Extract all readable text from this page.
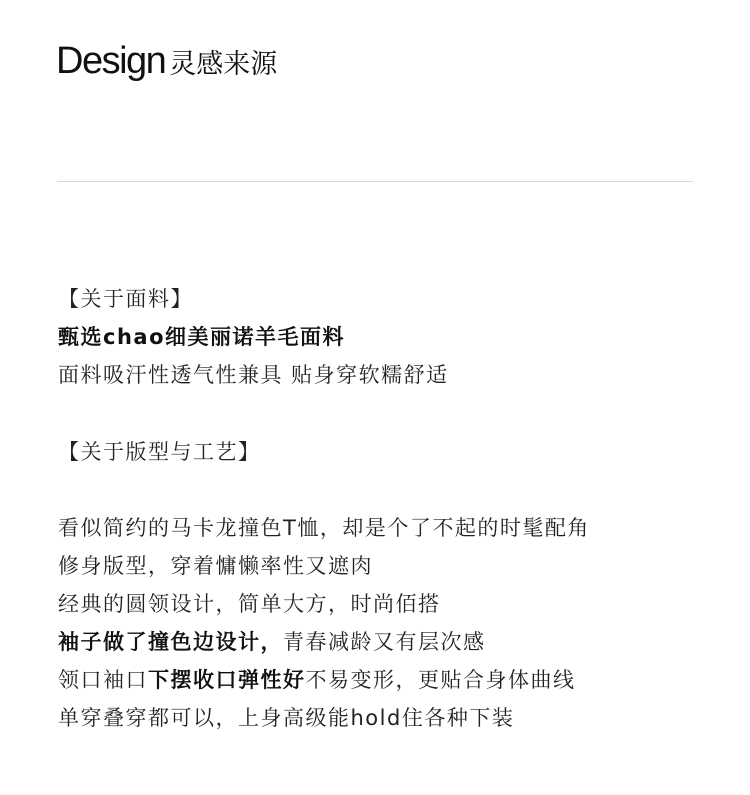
Design 灵感来源
【关于面料】
甄选chao细美丽诺羊毛面料
面料吸汗性透气性兼具 贴身穿软糯舒适
【关于版型与工艺】
看似简约的马卡龙撞色T恤，却是个了不起的时髦配角
修身版型，穿着慵懒率性又遮肉
经典的圆领设计，简单大方，时尚佰搭
袖子做了撞色边设计，青春减龄又有层次感
领口袖口下摆收口弹性好不易变形，更贴合身体曲线
单穿叠穿都可以，上身高级能hold住各种下装
